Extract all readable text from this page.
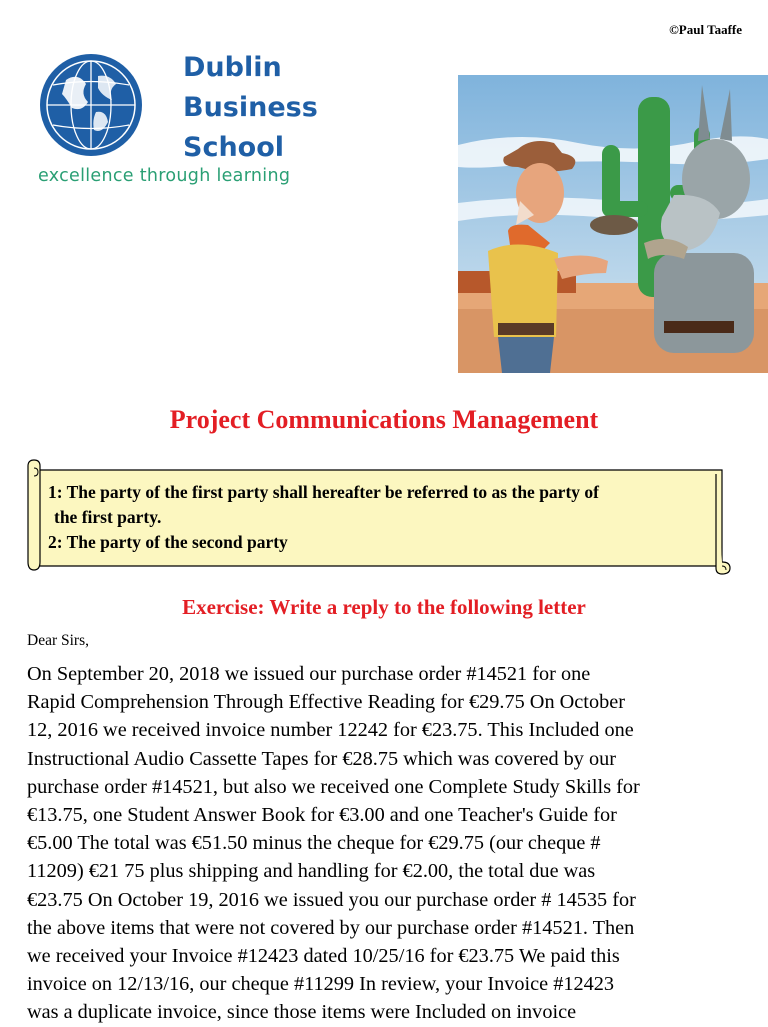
©Paul Taaffe
Dublin
Business
School
excellence through learning
Project Communications Management
1: The party of the first party shall hereafter be referred to as the party of
the first party.
2: The party of the second party
Exercise: Write a reply to the following letter
Dear Sirs,
On September 20, 2018 we issued our purchase order #14521 for one
Rapid Comprehension Through Effective Reading for €29.75 On October
12, 2016 we received invoice number 12242 for €23.75. This Included one
Instructional Audio Cassette Tapes for €28.75 which was covered by our
purchase order #14521, but also we received one Complete Study Skills for
€13.75, one Student Answer Book for €3.00 and one Teacher's Guide for
€5.00 The total was €51.50 minus the cheque for €29.75 (our cheque #
11209) €21 75 plus shipping and handling for €2.00, the total due was
€23.75 On October 19, 2016 we issued you our purchase order # 14535 for
the above items that were not covered by our purchase order #14521. Then
we received your Invoice #12423 dated 10/25/16 for €23.75 We paid this
invoice on 12/13/16, our cheque #11299 In review, your Invoice #12423
was a duplicate invoice, since those items were Included on invoice
